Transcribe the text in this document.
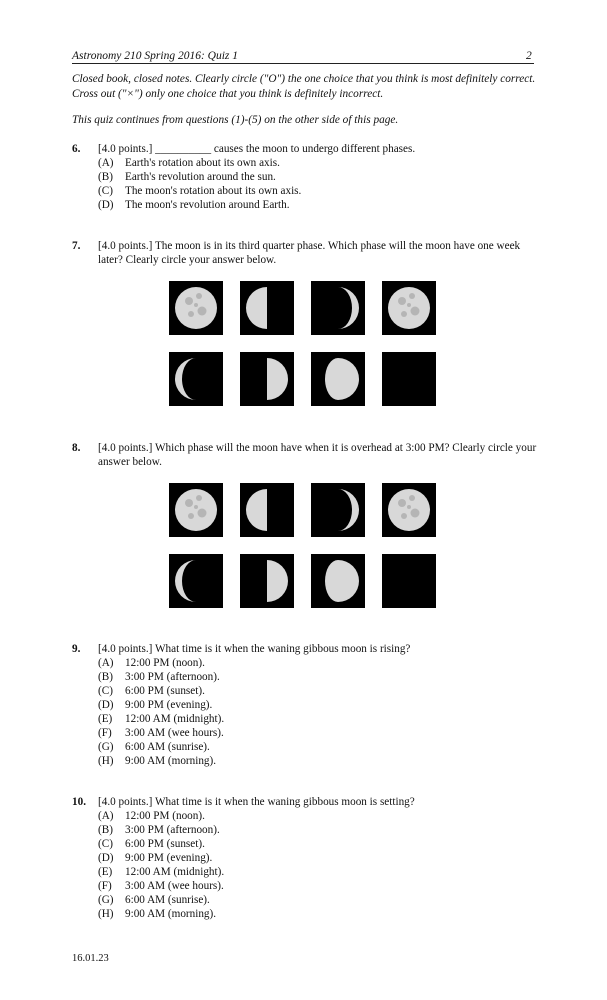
Astronomy 210 Spring 2016: Quiz 1	2
Closed book, closed notes. Clearly circle ("O") the one choice that you think is most definitely correct. Cross out ("×") only one choice that you think is definitely incorrect.
This quiz continues from questions (1)-(5) on the other side of this page.
6. [4.0 points.] __________ causes the moon to undergo different phases.
(A)	Earth's rotation about its own axis.
(B)	Earth's revolution around the sun.
(C)	The moon's rotation about its own axis.
(D)	The moon's revolution around Earth.
7. [4.0 points.] The moon is in its third quarter phase. Which phase will the moon have one week later? Clearly circle your answer below.
8. [4.0 points.] Which phase will the moon have when it is overhead at 3:00 PM? Clearly circle your answer below.
9. [4.0 points.] What time is it when the waning gibbous moon is rising?
(A)	12:00 PM (noon).
(B)	3:00 PM (afternoon).
(C)	6:00 PM (sunset).
(D)	9:00 PM (evening).
(E)	12:00 AM (midnight).
(F)	3:00 AM (wee hours).
(G)	6:00 AM (sunrise).
(H)	9:00 AM (morning).
10. [4.0 points.] What time is it when the waning gibbous moon is setting?
(A)	12:00 PM (noon).
(B)	3:00 PM (afternoon).
(C)	6:00 PM (sunset).
(D)	9:00 PM (evening).
(E)	12:00 AM (midnight).
(F)	3:00 AM (wee hours).
(G)	6:00 AM (sunrise).
(H)	9:00 AM (morning).
16.01.23
